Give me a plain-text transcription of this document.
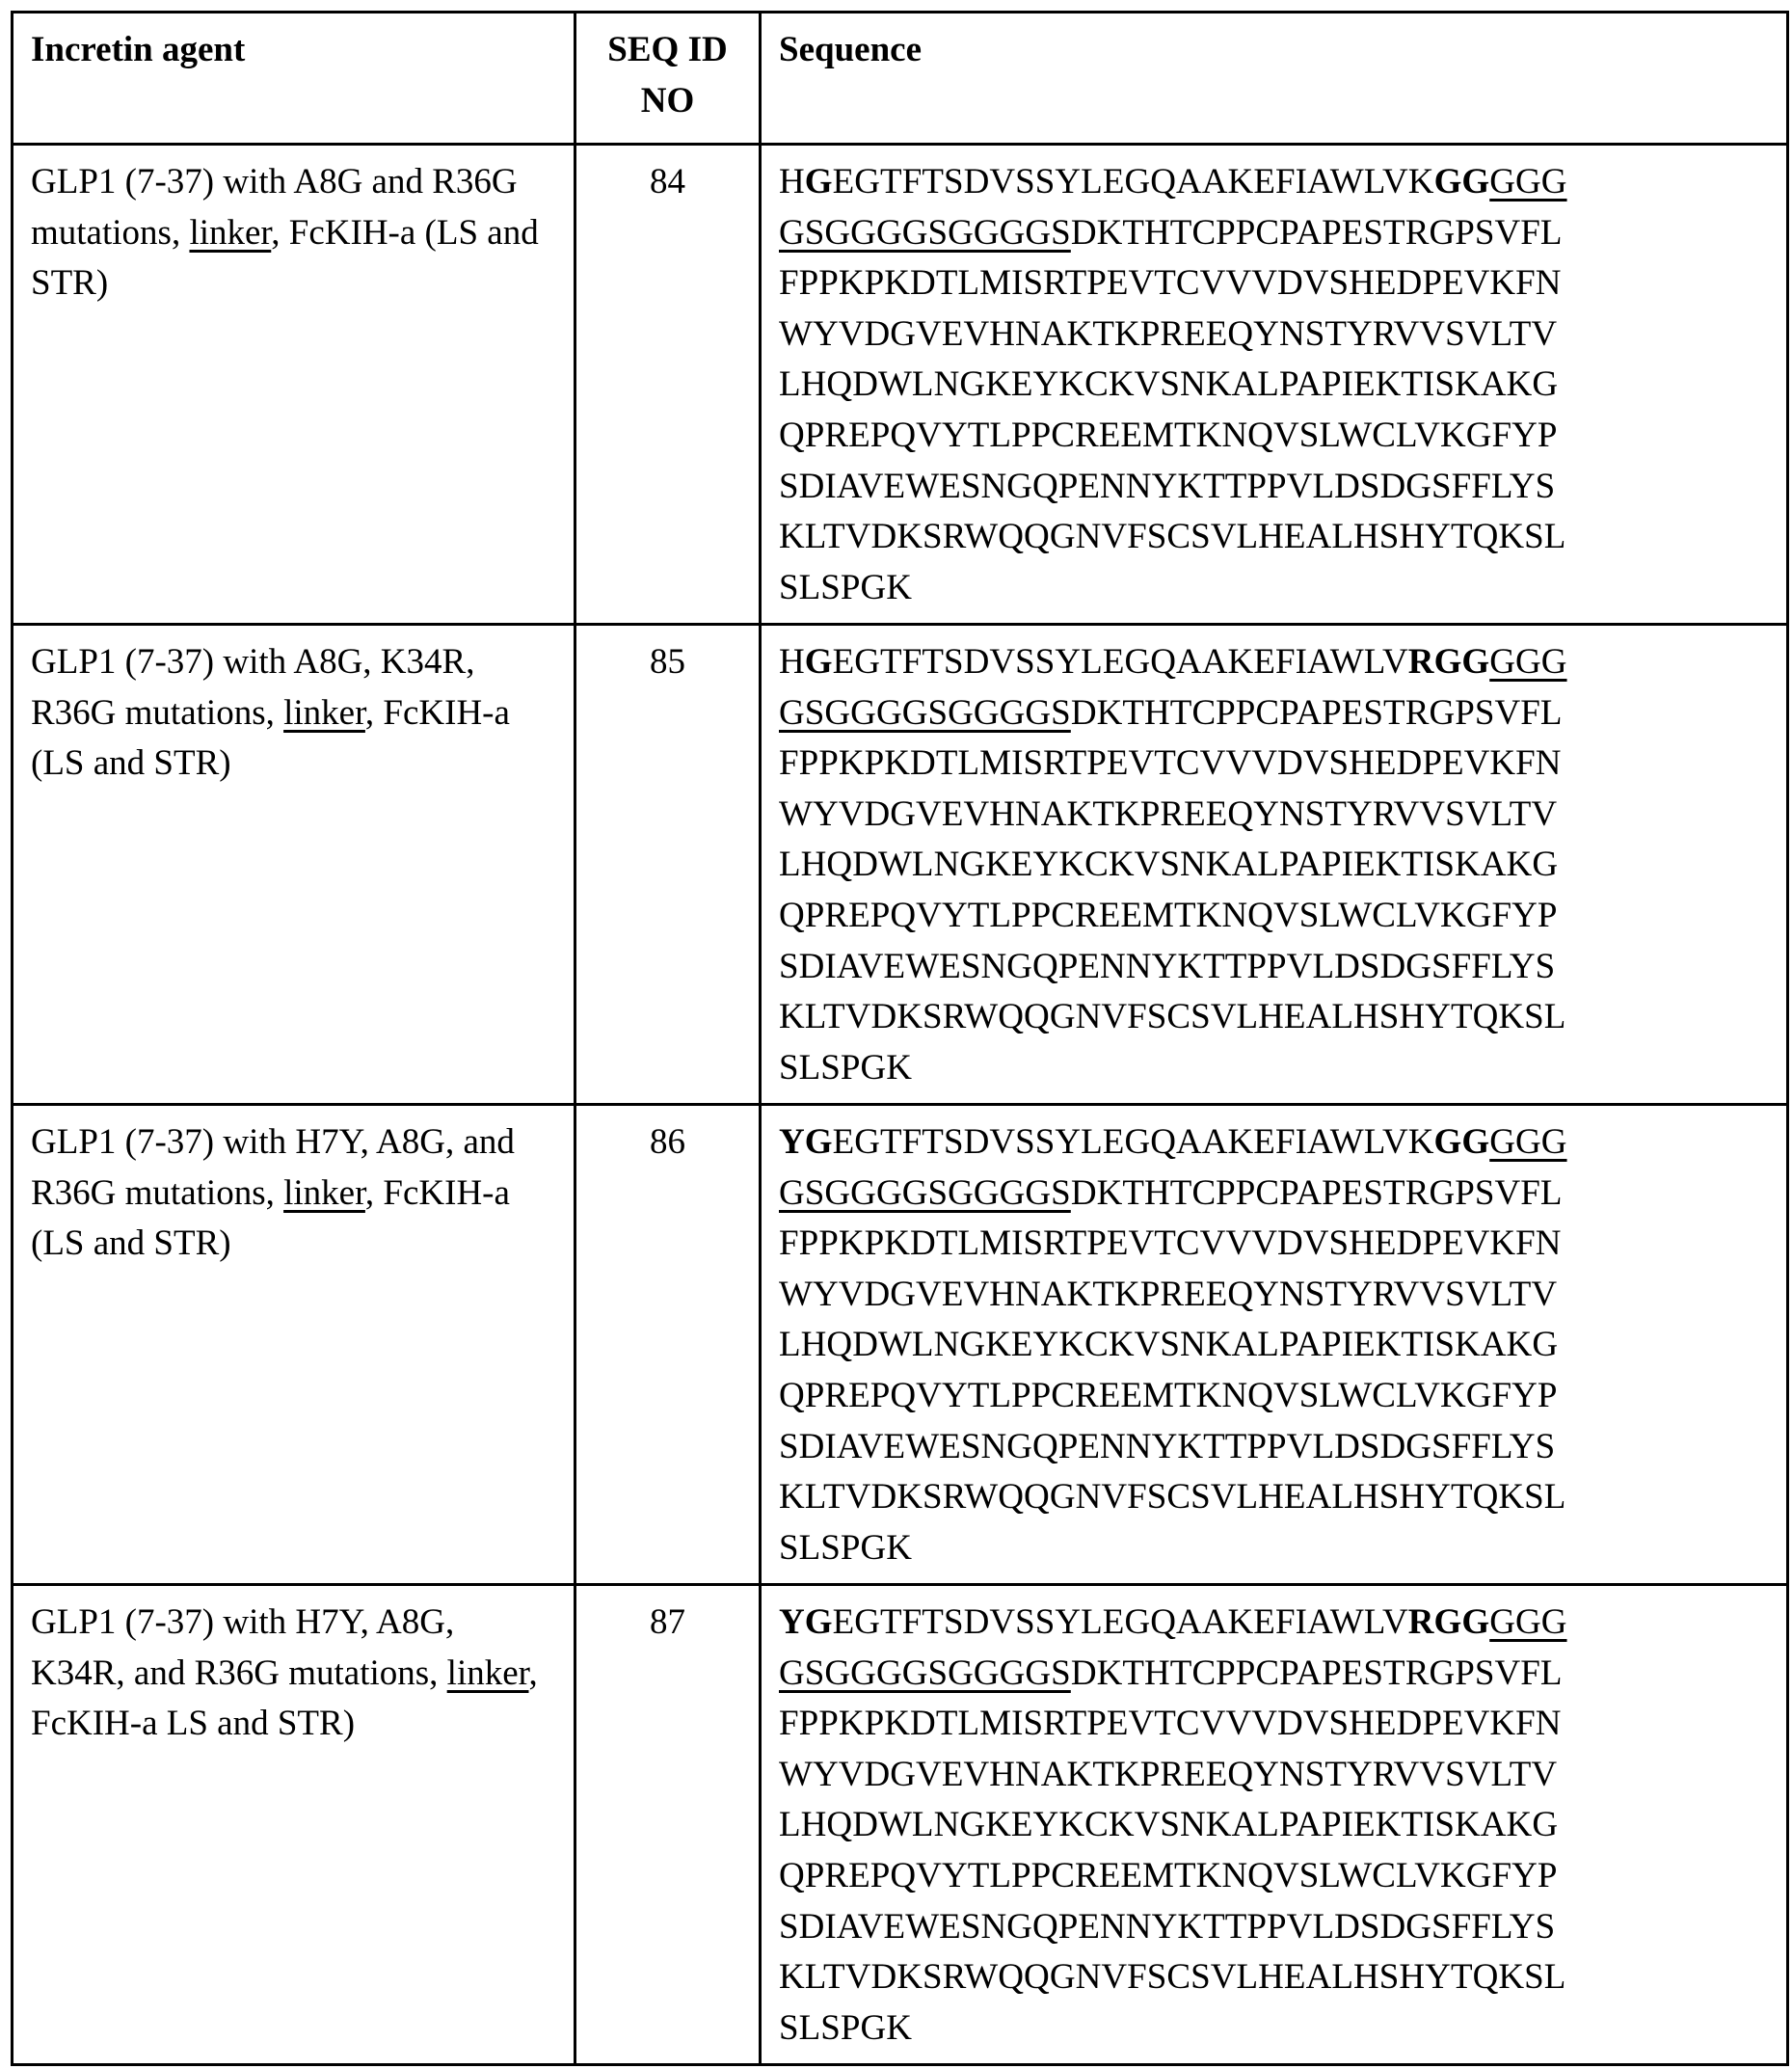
Incretin agent	SEQ ID NO	Sequence
GLP1 (7-37) with A8G and R36G mutations, linker, FcKIH-a (LS and STR)	84	HGEGTFTSDVSSYLEGQAAKEFIAWLVKGGGGG
GSGGGGSGGGGSDKTHTCPPCPAPESTRGPSVFL
FPPKPKDTLMISRTPEVTCVVVDVSHEDPEVKFN
WYVDGVEVHNAKTKPREEQYNSTYRVVSVLTV
LHQDWLNGKEYKCKVSNKALPAPIEKTISKAKG
QPREPQVYTLPPCREEMTKNQVSLWCLVKGFYP
SDIAVEWESNGQPENNYKTTPPVLDSDGSFFLYS
KLTVDKSRWQQGNVFSCSVLHEALHSHYTQKSL
SLSPGK

GLP1 (7-37) with A8G, K34R, R36G mutations, linker, FcKIH-a (LS and STR)	85	HGEGTFTSDVSSYLEGQAAKEFIAWLVRGGGGG
GSGGGGSGGGGSDKTHTCPPCPAPESTRGPSVFL
FPPKPKDTLMISRTPEVTCVVVDVSHEDPEVKFN
WYVDGVEVHNAKTKPREEQYNSTYRVVSVLTV
LHQDWLNGKEYKCKVSNKALPAPIEKTISKAKG
QPREPQVYTLPPCREEMTKNQVSLWCLVKGFYP
SDIAVEWESNGQPENNYKTTPPVLDSDGSFFLYS
KLTVDKSRWQQGNVFSCSVLHEALHSHYTQKSL
SLSPGK

GLP1 (7-37) with H7Y, A8G, and R36G mutations, linker, FcKIH-a (LS and STR)	86	YGEGTFTSDVSSYLEGQAAKEFIAWLVKGGGGG
GSGGGGSGGGGSDKTHTCPPCPAPESTRGPSVFL
FPPKPKDTLMISRTPEVTCVVVDVSHEDPEVKFN
WYVDGVEVHNAKTKPREEQYNSTYRVVSVLTV
LHQDWLNGKEYKCKVSNKALPAPIEKTISKAKG
QPREPQVYTLPPCREEMTKNQVSLWCLVKGFYP
SDIAVEWESNGQPENNYKTTPPVLDSDGSFFLYS
KLTVDKSRWQQGNVFSCSVLHEALHSHYTQKSL
SLSPGK

GLP1 (7-37) with H7Y, A8G, K34R, and R36G mutations, linker, FcKIH-a LS and STR)	87	YGEGTFTSDVSSYLEGQAAKEFIAWLVRGGGGG
GSGGGGSGGGGSDKTHTCPPCPAPESTRGPSVFL
FPPKPKDTLMISRTPEVTCVVVDVSHEDPEVKFN
WYVDGVEVHNAKTKPREEQYNSTYRVVSVLTV
LHQDWLNGKEYKCKVSNKALPAPIEKTISKAKG
QPREPQVYTLPPCREEMTKNQVSLWCLVKGFYP
SDIAVEWESNGQPENNYKTTPPVLDSDGSFFLYS
KLTVDKSRWQQGNVFSCSVLHEALHSHYTQKSL
SLSPGK
